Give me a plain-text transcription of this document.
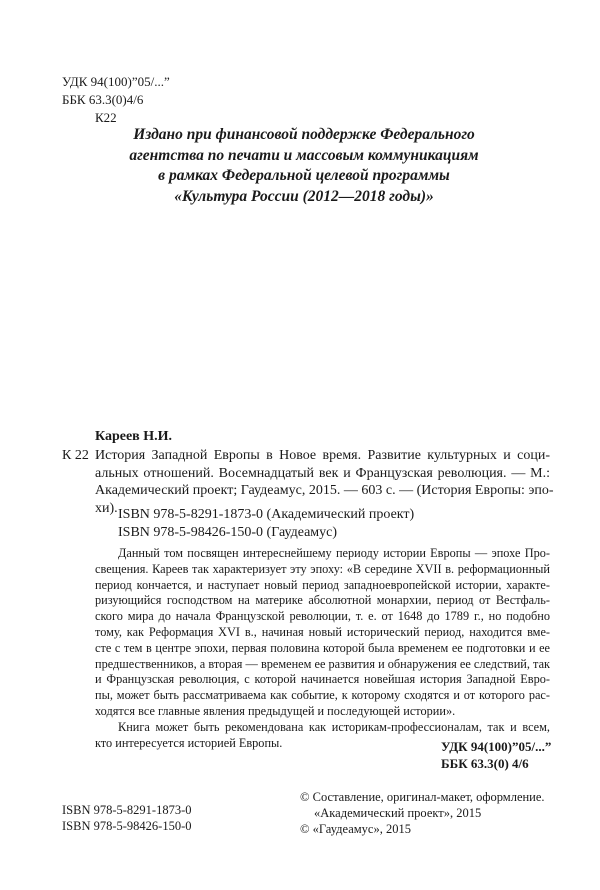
УДК 94(100)”05/...”
ББК 63.3(0)4/6
К22
Издано при финансовой поддержке Федерального
агентства по печати и массовым коммуникациям
в рамках Федеральной целевой программы
«Культура России (2012—2018 годы)»
Кареев Н.И.
К 22 История Западной Европы в Новое время. Развитие культурных и соци-
альных отношений. Восемнадцатый век и Французская революция. — М.:
Академический проект; Гаудеамус, 2015. — 603 с. — (История Европы: эпо-
хи). ISBN 978-5-8291-1873-0 (Академический проект)
ISBN 978-5-98426-150-0 (Гаудеамус)
Данный том посвящен интереснейшему периоду истории Европы — эпохе Про-
свещения. Кареев так характеризует эту эпоху: «В середине XVII в. реформационный
период кончается, и наступает новый период западноевропейской истории, характе-
ризующийся господством на материке абсолютной монархии, период от Вестфаль-
ского мира до начала Французской революции, т. е. от 1648 до 1789 г., но подобно
тому, как Реформация XVI в., начиная новый исторический период, находится вме-
сте с тем в центре эпохи, первая половина которой была временем ее подготовки и ее
предшественников, а вторая — временем ее развития и обнаружения ее следствий, так
и Французская революция, с которой начинается новейшая история Западной Евро-
пы, может быть рассматриваема как событие, к которому сходятся и от которого рас-
ходятся все главные явления предыдущей и последующей истории».
Книга может быть рекомендована как историкам-профессионалам, так и всем,
кто интересуется историей Европы.	УДК 94(100)”05/...”
ББК 63.3(0) 4/6
ISBN 978-5-8291-1873-0
ISBN 978-5-98426-150-0
© Составление, оригинал-макет, оформление.
«Академический проект», 2015
© «Гаудеамус», 2015
